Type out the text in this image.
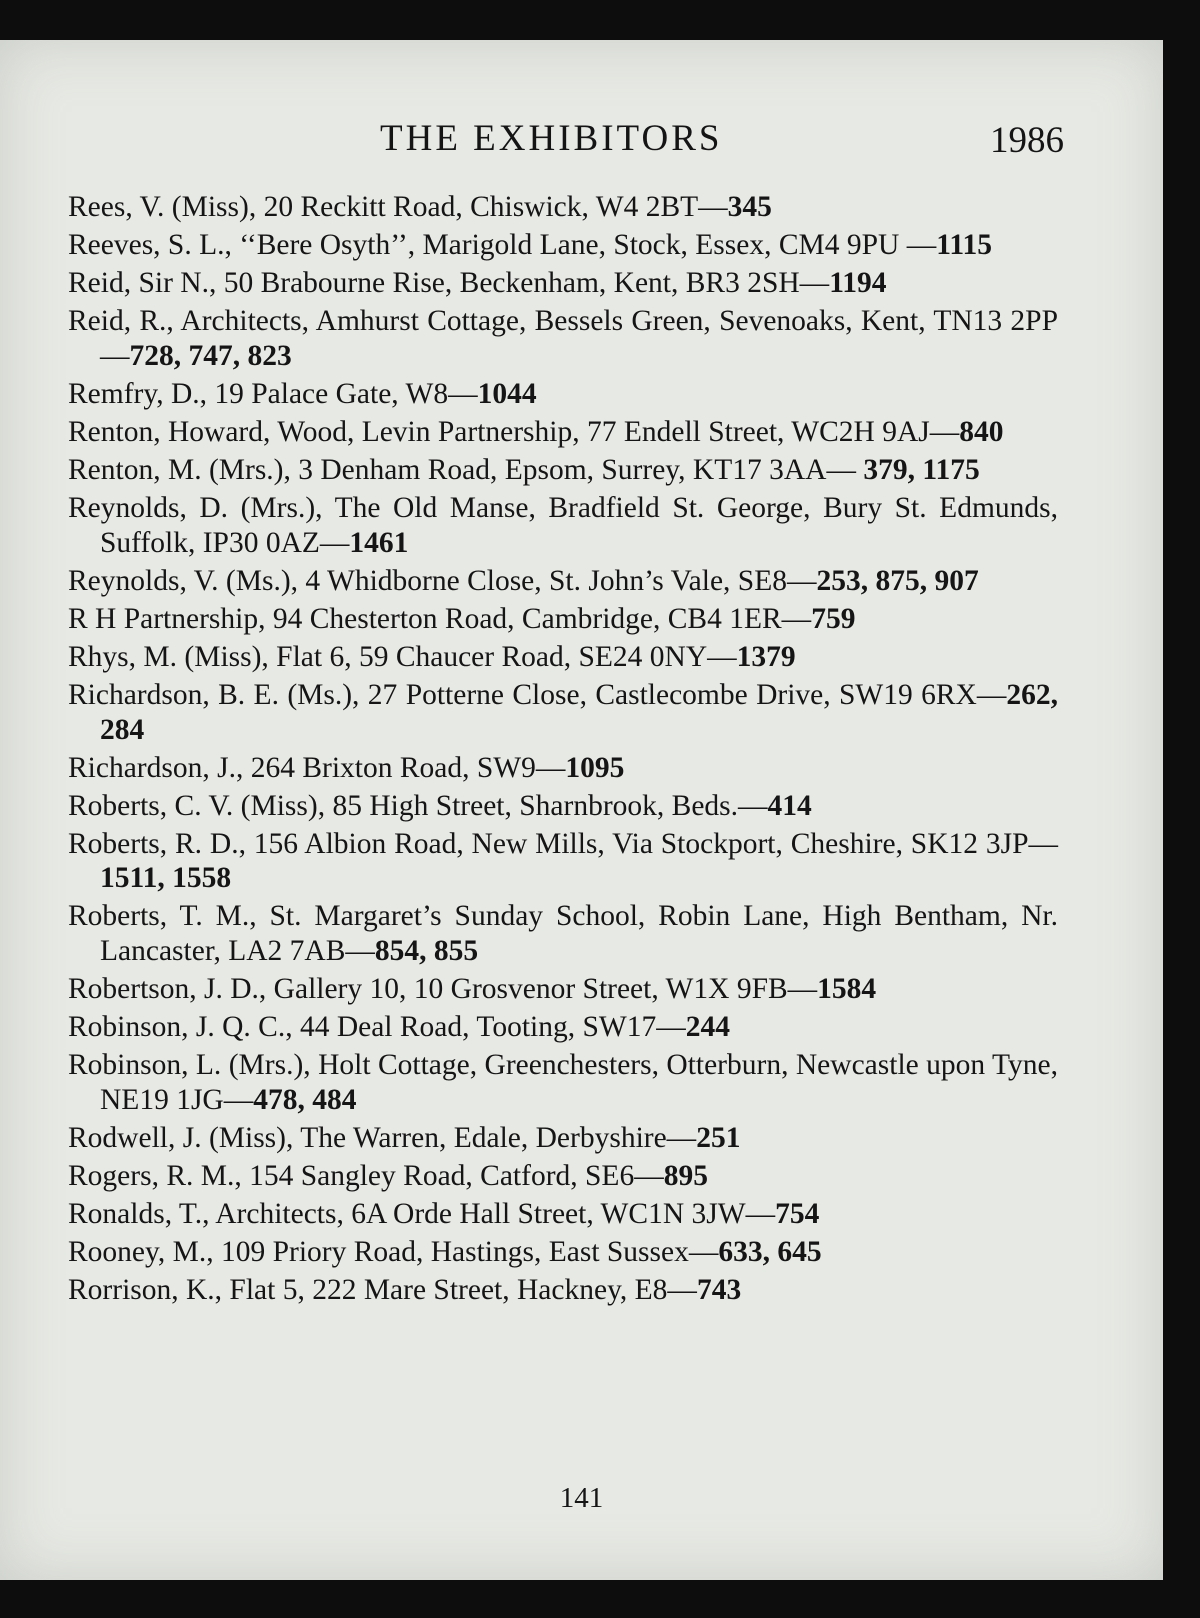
THE EXHIBITORS	1986
Rees, V. (Miss), 20 Reckitt Road, Chiswick, W4 2BT—345
Reeves, S. L., ‘‘Bere Osyth’’, Marigold Lane, Stock, Essex, CM4 9PU —1115
Reid, Sir N., 50 Brabourne Rise, Beckenham, Kent, BR3 2SH—1194
Reid, R., Architects, Amhurst Cottage, Bessels Green, Sevenoaks, Kent, TN13 2PP—728, 747, 823
Remfry, D., 19 Palace Gate, W8—1044
Renton, Howard, Wood, Levin Partnership, 77 Endell Street, WC2H 9AJ—840
Renton, M. (Mrs.), 3 Denham Road, Epsom, Surrey, KT17 3AA— 379, 1175
Reynolds, D. (Mrs.), The Old Manse, Bradfield St. George, Bury St. Edmunds, Suffolk, IP30 0AZ—1461
Reynolds, V. (Ms.), 4 Whidborne Close, St. John’s Vale, SE8—253, 875, 907
R H Partnership, 94 Chesterton Road, Cambridge, CB4 1ER—759
Rhys, M. (Miss), Flat 6, 59 Chaucer Road, SE24 0NY—1379
Richardson, B. E. (Ms.), 27 Potterne Close, Castlecombe Drive, SW19 6RX—262, 284
Richardson, J., 264 Brixton Road, SW9—1095
Roberts, C. V. (Miss), 85 High Street, Sharnbrook, Beds.—414
Roberts, R. D., 156 Albion Road, New Mills, Via Stockport, Cheshire, SK12 3JP—1511, 1558
Roberts, T. M., St. Margaret’s Sunday School, Robin Lane, High Bentham, Nr. Lancaster, LA2 7AB—854, 855
Robertson, J. D., Gallery 10, 10 Grosvenor Street, W1X 9FB—1584
Robinson, J. Q. C., 44 Deal Road, Tooting, SW17—244
Robinson, L. (Mrs.), Holt Cottage, Greenchesters, Otterburn, Newcastle upon Tyne, NE19 1JG—478, 484
Rodwell, J. (Miss), The Warren, Edale, Derbyshire—251
Rogers, R. M., 154 Sangley Road, Catford, SE6—895
Ronalds, T., Architects, 6A Orde Hall Street, WC1N 3JW—754
Rooney, M., 109 Priory Road, Hastings, East Sussex—633, 645
Rorrison, K., Flat 5, 222 Mare Street, Hackney, E8—743
141
